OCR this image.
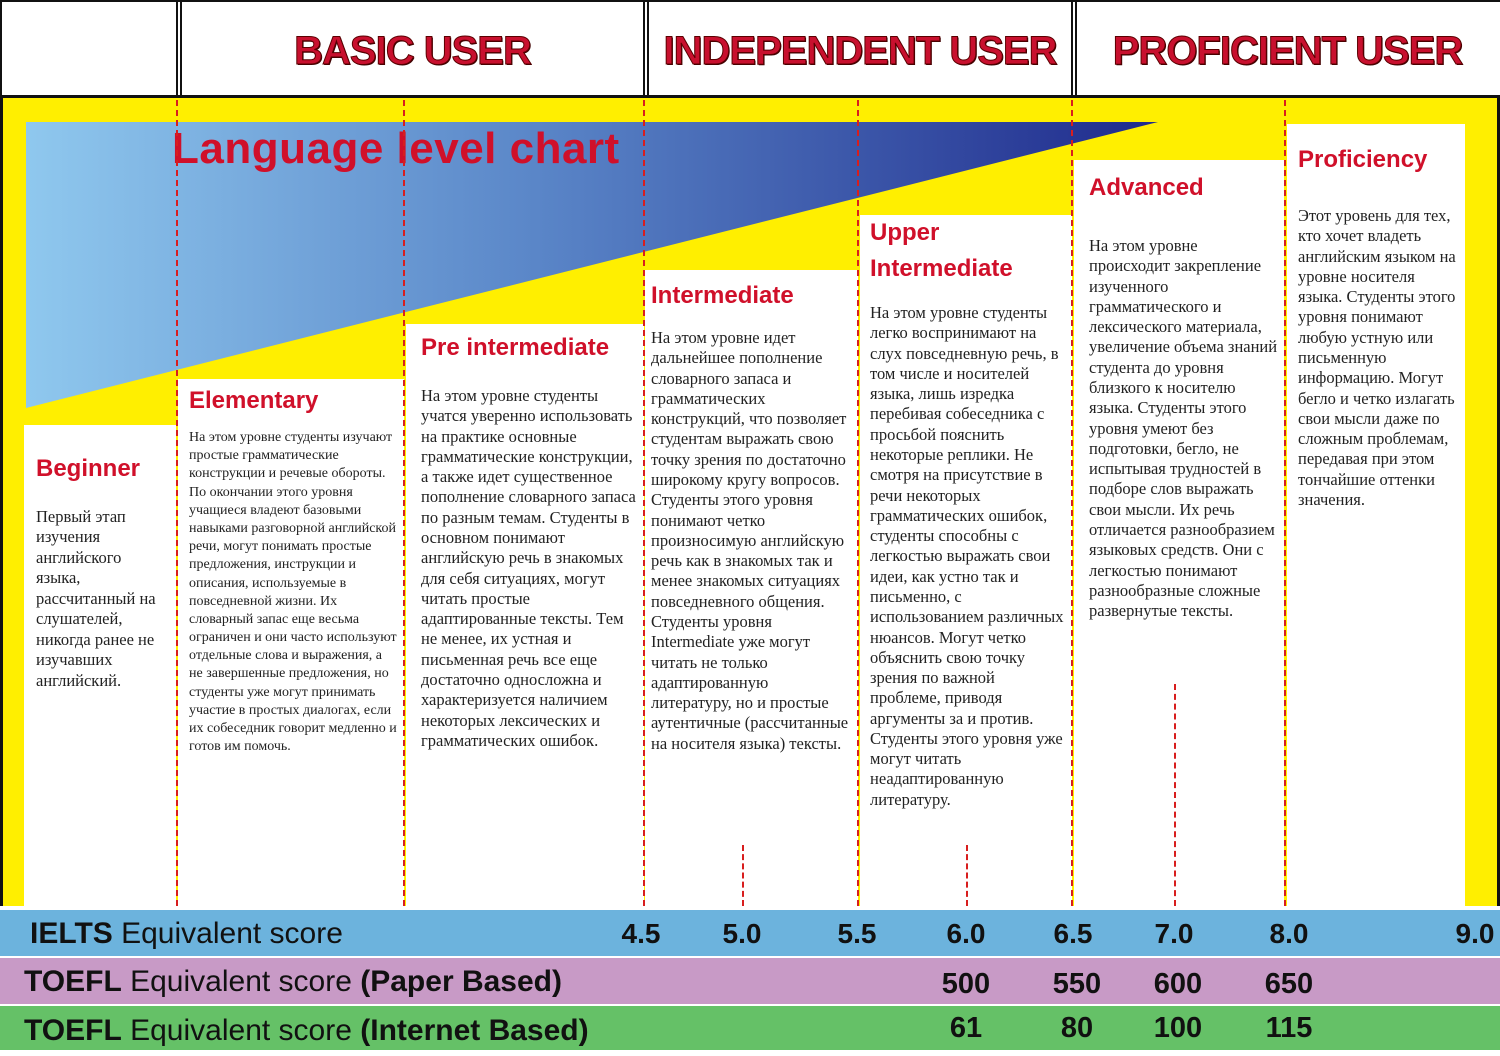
BASIC USER	INDEPENDENT USER PROFICIENT USER
Language level chart
Beginner
Первый этап изучения английского языка, рассчитанный на слушателей, никогда ранее не изучавших английский.
Elementary
На этом уровне студенты изучают простые грамматические конструкции и речевые обороты. По окончании этого уровня учащиеся владеют базовыми навыками разговорной английской речи, могут понимать простые предложения, инструкции и описания, используемые в повседневной жизни. Их словарный запас еще весьма ограничен и они часто используют отдельные слова и выражения, а не завершенные предложения, но студенты уже могут принимать участие в простых диалогах, если их собеседник говорит медленно и готов им помочь.
Pre intermediate
На этом уровне студенты учатся уверенно использовать на практике основные грамматические конструкции, а также идет существенное пополнение словарного запаса по разным темам. Студенты в основном понимают английскую речь в знакомых для себя ситуациях, могут читать простые адаптированные тексты. Тем не менее, их устная и письменная речь все еще достаточно односложна и характеризуется наличием некоторых лексических и грамматических ошибок.
Intermediate
На этом уровне идет дальнейшее пополнение словарного запаса и грамматических конструкций, что позволяет студентам выражать свою точку зрения по достаточно широкому кругу вопросов. Студенты этого уровня понимают четко произносимую английскую речь как в знакомых так и менее знакомых ситуациях повседневного общения. Студенты уровня Intermediate уже могут читать не только адаптированную литературу, но и простые аутентичные (рассчитанные на носителя языка) тексты.
Upper Intermediate
На этом уровне студенты легко воспринимают на слух повседневную речь, в том числе и носителей языка, лишь изредка перебивая собеседника с просьбой пояснить некоторые реплики. Не смотря на присутствие в речи некоторых грамматических ошибок, студенты способны с легкостью выражать свои идеи, как устно так и письменно, с использованием различных нюансов. Могут четко объяснить свою точку зрения по важной проблеме, приводя аргументы за и против. Студенты этого уровня уже могут читать неадаптированную литературу.
Advanced
На этом уровне происходит закрепление изученного грамматического и лексического материала, увеличение объема знаний студента до уровня близкого к носителю языка. Студенты этого уровня умеют без подготовки, бегло, не испытывая трудностей в подборе слов выражать свои мысли. Их речь отличается разнообразием языковых средств. Они с легкостью понимают разнообразные сложные развернутые тексты.
Proficiency
Этот уровень для тех, кто хочет владеть английским языком на уровне носителя языка. Студенты этого уровня понимают любую устную или письменную информацию. Могут бегло и четко излагать свои мысли даже по сложным проблемам, передавая при этом тончайшие оттенки значения.
IELTS Equivalent score	4.5 5.0	5.5	6.0 6.5 7.0	8.0	9.0
TOEFL Equivalent score (Paper Based)	500 550 600 650
TOEFL Equivalent score (Internet Based)	61	80 100 115
